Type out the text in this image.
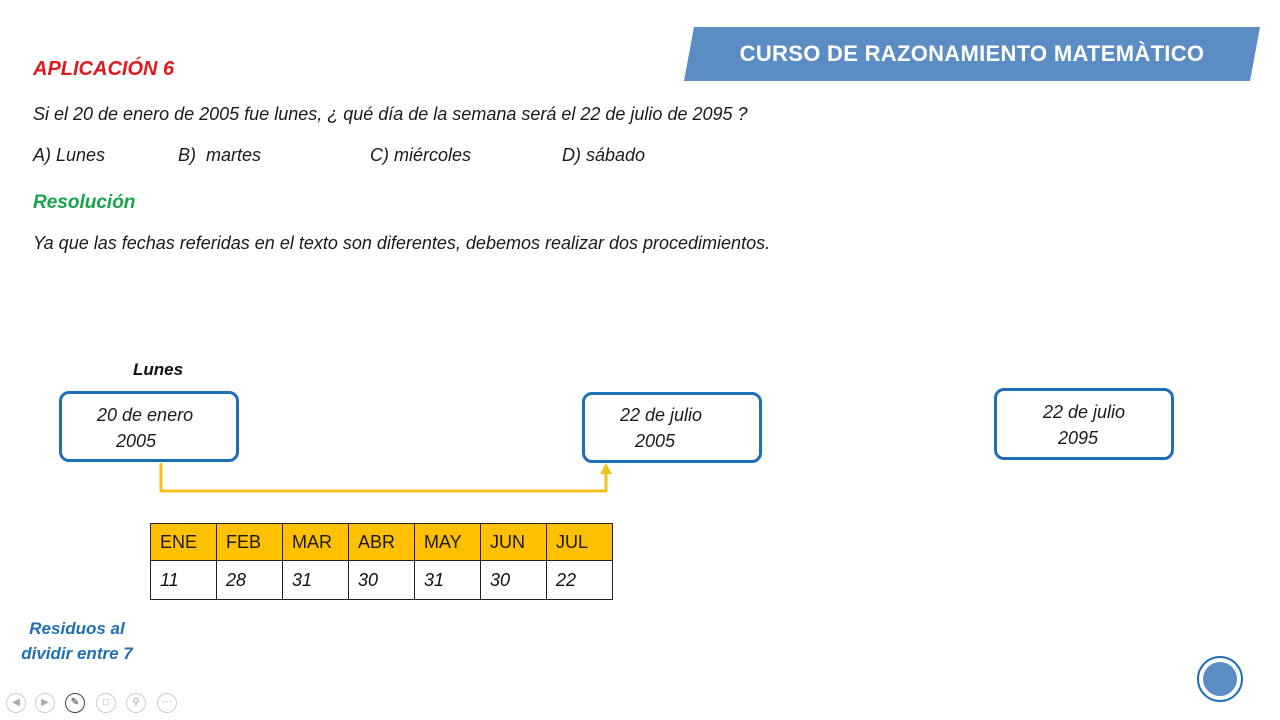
CURSO DE RAZONAMIENTO MATEMÀTICO
APLICACIÓN 6
Si el 20 de enero de 2005 fue lunes, ¿ qué día de la semana será el 22 de julio de 2095 ?
A) Lunes	B)  martes	C) miércoles	D) sábado
Resolución
Ya que las fechas referidas en el texto son diferentes, debemos realizar dos procedimientos.
Lunes
20 de enero
2005
22 de julio
2005
22 de julio
2095
ENE	FEB	MAR	ABR	MAY	JUN	JUL
11	28	31	30	31	30	22
Residuos al
dividir entre 7
◀	▶	✎	□	⚲	⋯
